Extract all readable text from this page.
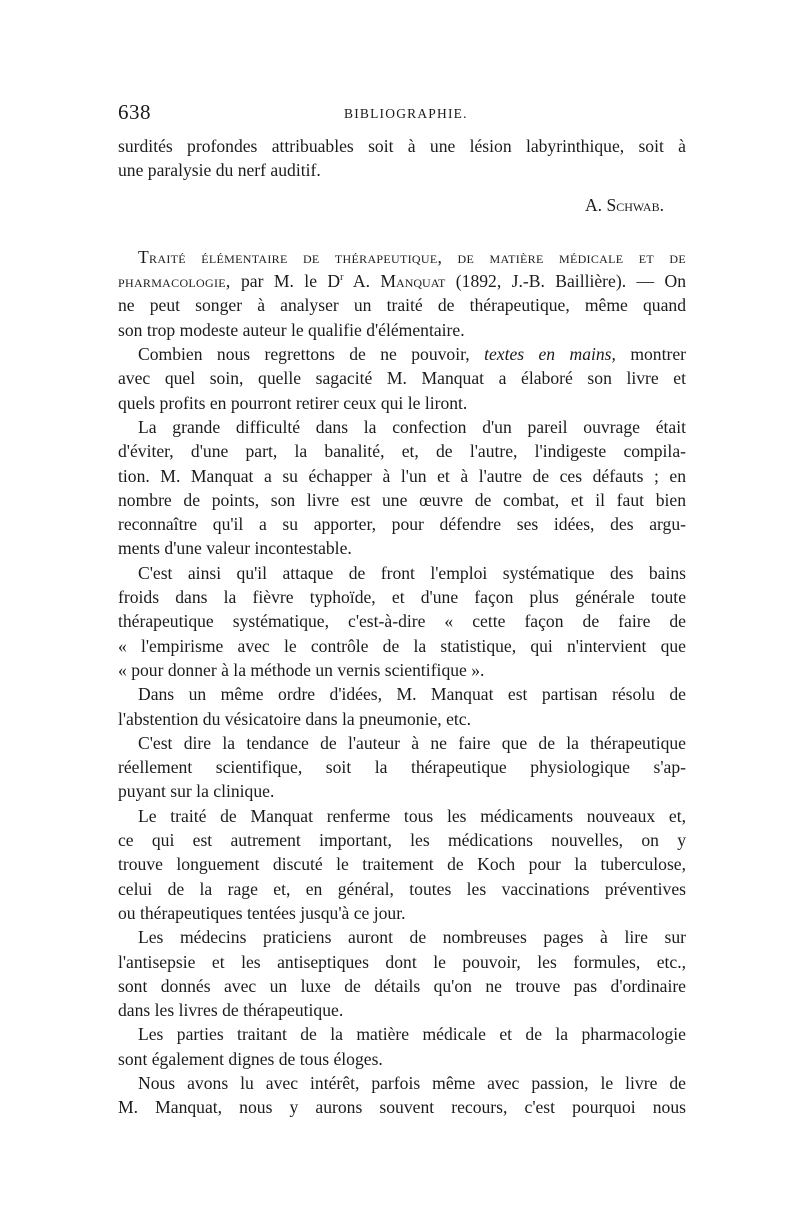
638	BIBLIOGRAPHIE.
surdités profondes attribuables soit à une lésion labyrinthique, soit à
une paralysie du nerf auditif.
A. Schwab.
Traité élémentaire de thérapeutique, de matière médicale et de
pharmacologie, par M. le $D^r$ A. Manquat (1892, J.-B. Baillière). — On
ne peut songer à analyser un traité de thérapeutique, même quand
son trop modeste auteur le qualifie d'élémentaire.
Combien nous regrettons de ne pouvoir, textes en mains, montrer
avec quel soin, quelle sagacité M. Manquat a élaboré son livre et
quels profits en pourront retirer ceux qui le liront.
La grande difficulté dans la confection d'un pareil ouvrage était
d'éviter, d'une part, la banalité, et, de l'autre, l'indigeste compila-
tion. M. Manquat a su échapper à l'un et à l'autre de ces défauts ; en
nombre de points, son livre est une œuvre de combat, et il faut bien
reconnaître qu'il a su apporter, pour défendre ses idées, des argu-
ments d'une valeur incontestable.
C'est ainsi qu'il attaque de front l'emploi systématique des bains
froids dans la fièvre typhoïde, et d'une façon plus générale toute
thérapeutique systématique, c'est-à-dire « cette façon de faire de
« l'empirisme avec le contrôle de la statistique, qui n'intervient que
« pour donner à la méthode un vernis scientifique ».
Dans un même ordre d'idées, M. Manquat est partisan résolu de
l'abstention du vésicatoire dans la pneumonie, etc.
C'est dire la tendance de l'auteur à ne faire que de la thérapeutique
réellement scientifique, soit la thérapeutique physiologique s'ap-
puyant sur la clinique.
Le traité de Manquat renferme tous les médicaments nouveaux et,
ce qui est autrement important, les médications nouvelles, on y
trouve longuement discuté le traitement de Koch pour la tuberculose,
celui de la rage et, en général, toutes les vaccinations préventives
ou thérapeutiques tentées jusqu'à ce jour.
Les médecins praticiens auront de nombreuses pages à lire sur
l'antisepsie et les antiseptiques dont le pouvoir, les formules, etc.,
sont donnés avec un luxe de détails qu'on ne trouve pas d'ordinaire
dans les livres de thérapeutique.
Les parties traitant de la matière médicale et de la pharmacologie
sont également dignes de tous éloges.
Nous avons lu avec intérêt, parfois même avec passion, le livre de
M. Manquat, nous y aurons souvent recours, c'est pourquoi nous
